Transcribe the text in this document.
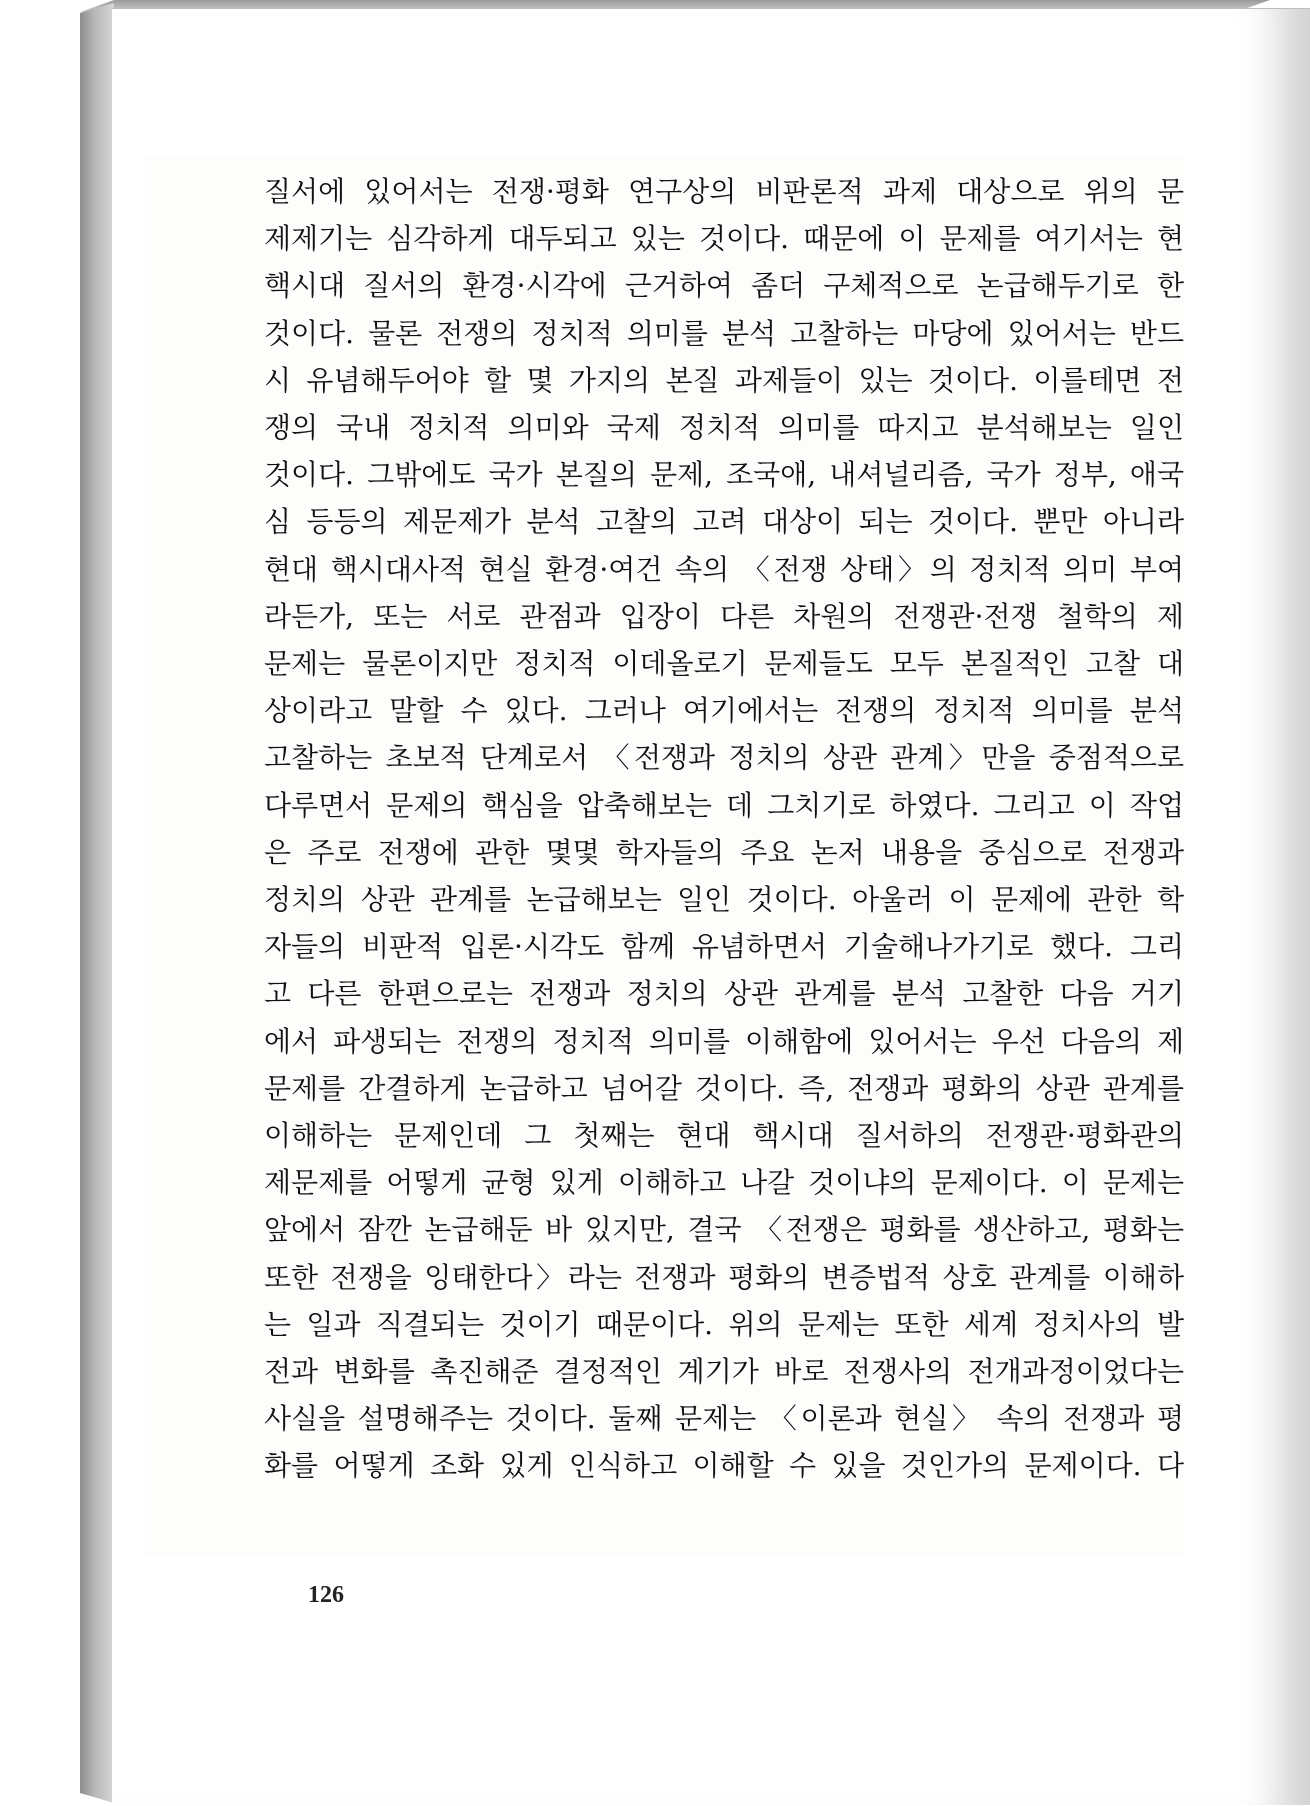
질서에 있어서는 전쟁·평화 연구상의 비판론적 과제 대상으로 위의 문
제제기는 심각하게 대두되고 있는 것이다. 때문에 이 문제를 여기서는 현
핵시대 질서의 환경·시각에 근거하여 좀더 구체적으로 논급해두기로 한
것이다. 물론 전쟁의 정치적 의미를 분석 고찰하는 마당에 있어서는 반드
시 유념해두어야 할 몇 가지의 본질 과제들이 있는 것이다. 이를테면 전
쟁의 국내 정치적 의미와 국제 정치적 의미를 따지고 분석해보는 일인
것이다. 그밖에도 국가 본질의 문제, 조국애, 내셔널리즘, 국가 정부, 애국
심 등등의 제문제가 분석 고찰의 고려 대상이 되는 것이다. 뿐만 아니라
현대 핵시대사적 현실 환경·여건 속의 〈전쟁 상태〉의 정치적 의미 부여
라든가, 또는 서로 관점과 입장이 다른 차원의 전쟁관·전쟁 철학의 제
문제는 물론이지만 정치적 이데올로기 문제들도 모두 본질적인 고찰 대
상이라고 말할 수 있다. 그러나 여기에서는 전쟁의 정치적 의미를 분석
고찰하는 초보적 단계로서 〈전쟁과 정치의 상관 관계〉만을 중점적으로
다루면서 문제의 핵심을 압축해보는 데 그치기로 하였다. 그리고 이 작업
은 주로 전쟁에 관한 몇몇 학자들의 주요 논저 내용을 중심으로 전쟁과
정치의 상관 관계를 논급해보는 일인 것이다. 아울러 이 문제에 관한 학
자들의 비판적 입론·시각도 함께 유념하면서 기술해나가기로 했다. 그리
고 다른 한편으로는 전쟁과 정치의 상관 관계를 분석 고찰한 다음 거기
에서 파생되는 전쟁의 정치적 의미를 이해함에 있어서는 우선 다음의 제
문제를 간결하게 논급하고 넘어갈 것이다. 즉, 전쟁과 평화의 상관 관계를
이해하는 문제인데 그 첫째는 현대 핵시대 질서하의 전쟁관·평화관의
제문제를 어떻게 균형 있게 이해하고 나갈 것이냐의 문제이다. 이 문제는
앞에서 잠깐 논급해둔 바 있지만, 결국 〈전쟁은 평화를 생산하고, 평화는
또한 전쟁을 잉태한다〉라는 전쟁과 평화의 변증법적 상호 관계를 이해하
는 일과 직결되는 것이기 때문이다. 위의 문제는 또한 세계 정치사의 발
전과 변화를 촉진해준 결정적인 계기가 바로 전쟁사의 전개과정이었다는
사실을 설명해주는 것이다. 둘째 문제는 〈이론과 현실〉 속의 전쟁과 평
화를 어떻게 조화 있게 인식하고 이해할 수 있을 것인가의 문제이다. 다
126
